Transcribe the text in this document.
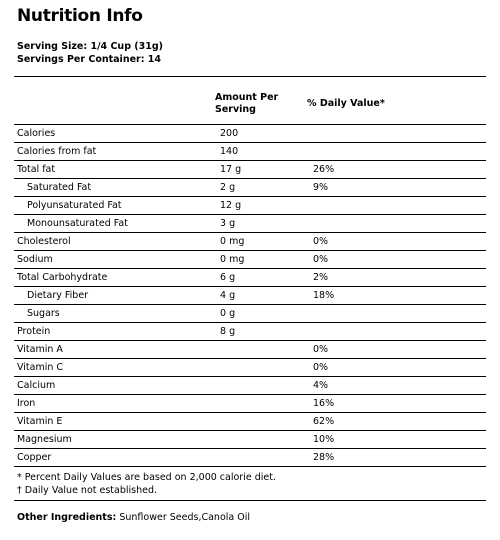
Nutrition Info
Serving Size: 1/4 Cup (31g)
Servings Per Container: 14
Amount Per Serving
% Daily Value*
Calories	200	
Calories from fat	140	
Total fat	17 g	26%
Saturated Fat	2 g	9%
Polyunsaturated Fat	12 g	
Monounsaturated Fat	3 g	
Cholesterol	0 mg	0%
Sodium	0 mg	0%
Total Carbohydrate	6 g	2%
Dietary Fiber	4 g	18%
Sugars	0 g	
Protein	8 g	
Vitamin A		0%
Vitamin C		0%
Calcium		4%
Iron		16%
Vitamin E		62%
Magnesium		10%
Copper		28%
* Percent Daily Values are based on 2,000 calorie diet.
† Daily Value not established.
Other Ingredients: Sunflower Seeds,Canola Oil
